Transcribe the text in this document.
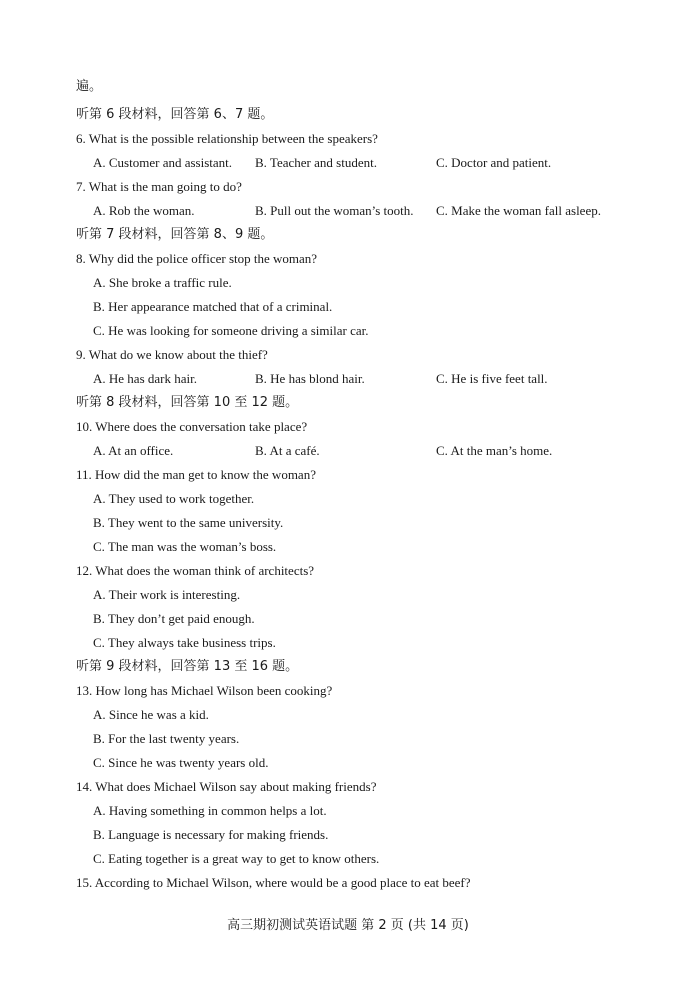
遍。
听第 6 段材料，回答第 6、7 题。
6. What is the possible relationship between the speakers?
A. Customer and assistant. B. Teacher and student.	C. Doctor and patient.
7. What is the man going to do?
A. Rob the woman.	B. Pull out the woman’s tooth. C. Make the woman fall asleep.
听第 7 段材料，回答第 8、9 题。
8. Why did the police officer stop the woman?
A. She broke a traffic rule.
B. Her appearance matched that of a criminal.
C. He was looking for someone driving a similar car.
9. What do we know about the thief?
A. He has dark hair.	B. He has blond hair.	C. He is five feet tall.
听第 8 段材料，回答第 10 至 12 题。
10. Where does the conversation take place?
A. At an office.	B. At a café.	C. At the man’s home.
11. How did the man get to know the woman?
A. They used to work together.
B. They went to the same university.
C. The man was the woman’s boss.
12. What does the woman think of architects?
A. Their work is interesting.
B. They don’t get paid enough.
C. They always take business trips.
听第 9 段材料，回答第 13 至 16 题。
13. How long has Michael Wilson been cooking?
A. Since he was a kid.
B. For the last twenty years.
C. Since he was twenty years old.
14. What does Michael Wilson say about making friends?
A. Having something in common helps a lot.
B. Language is necessary for making friends.
C. Eating together is a great way to get to know others.
15. According to Michael Wilson, where would be a good place to eat beef?
高三期初测试英语试题 第 2 页 (共 14 页)
